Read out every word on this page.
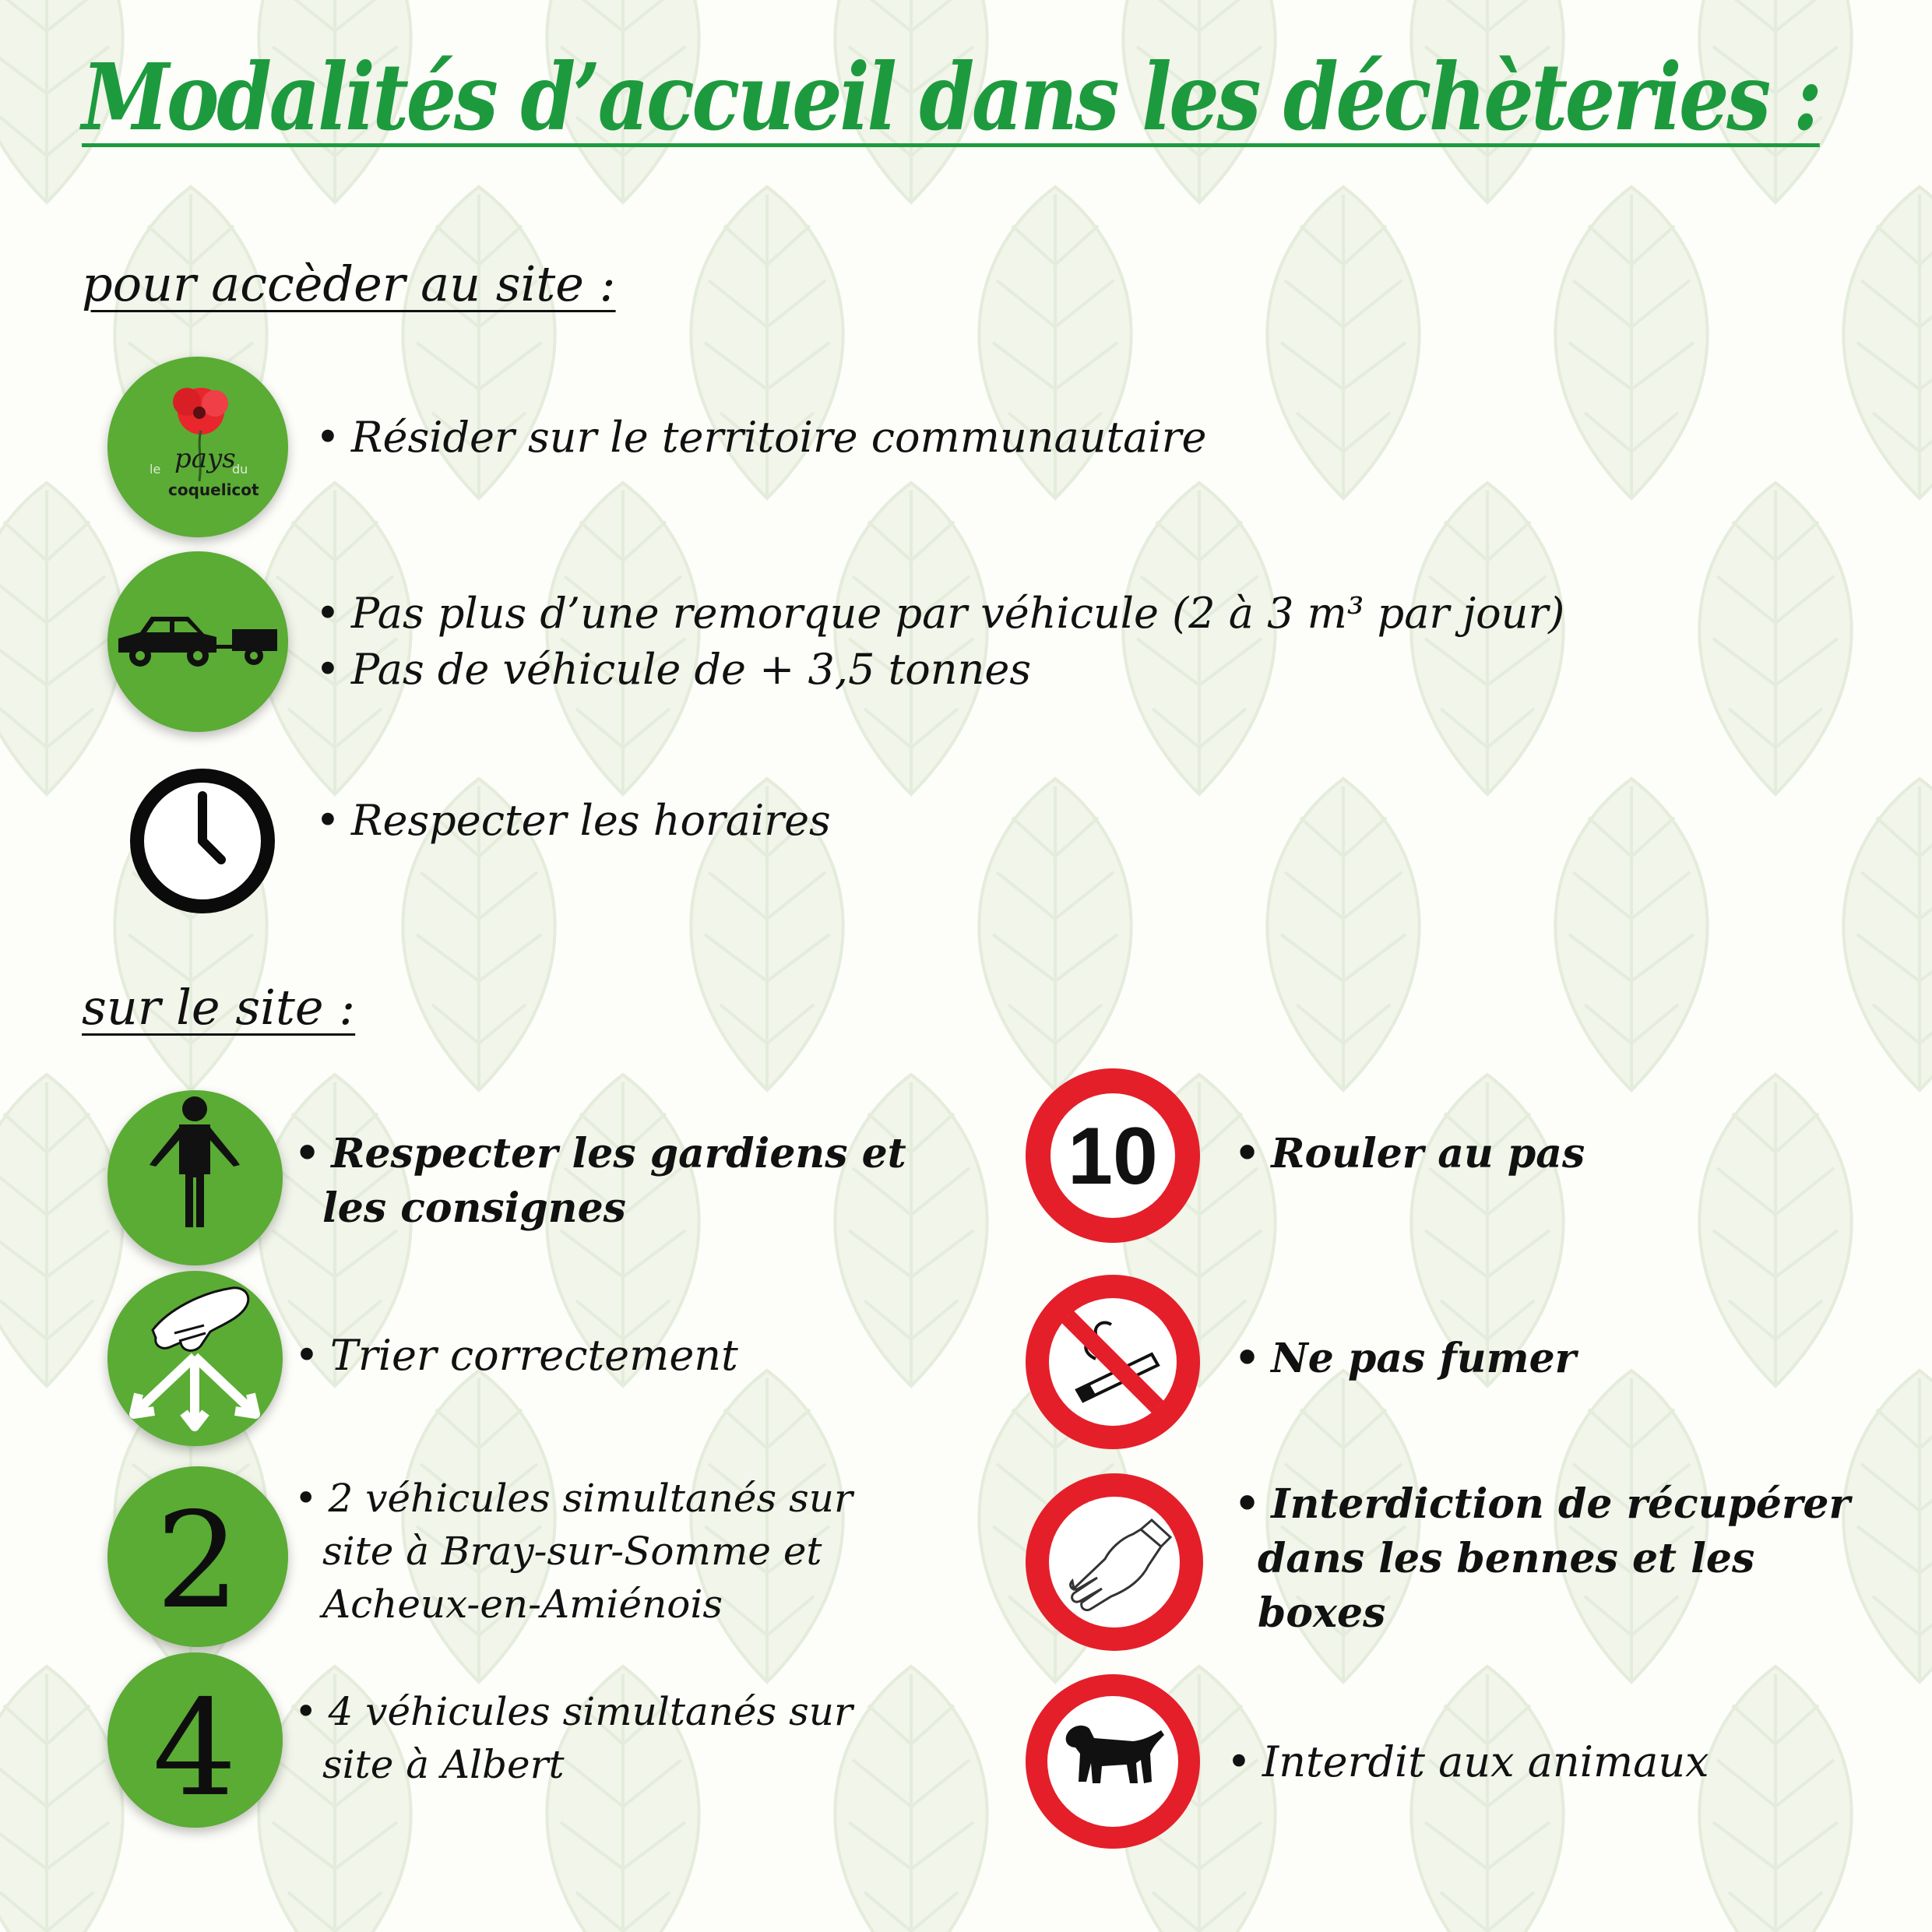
Modalités d’accueil dans les déchèteries :
pour accèder au site :
le pays
du
coquelicot
• Résider sur le territoire communautaire
• Pas plus d’une remorque par véhicule (2 à 3 m³ par jour)
• Pas de véhicule de + 3,5 tonnes
• Respecter les horaires
sur le site :
• Respecter les gardiens et
les consignes
• Trier correctement
2	• 2 véhicules simultanés sur
site à Bray-sur-Somme et
Acheux-en-Amiénois
4	• 4 véhicules simultanés sur
site à Albert
10 • Rouler au pas
• Ne pas fumer
• Interdiction de récupérer
dans les bennes et les
boxes
• Interdit aux animaux
